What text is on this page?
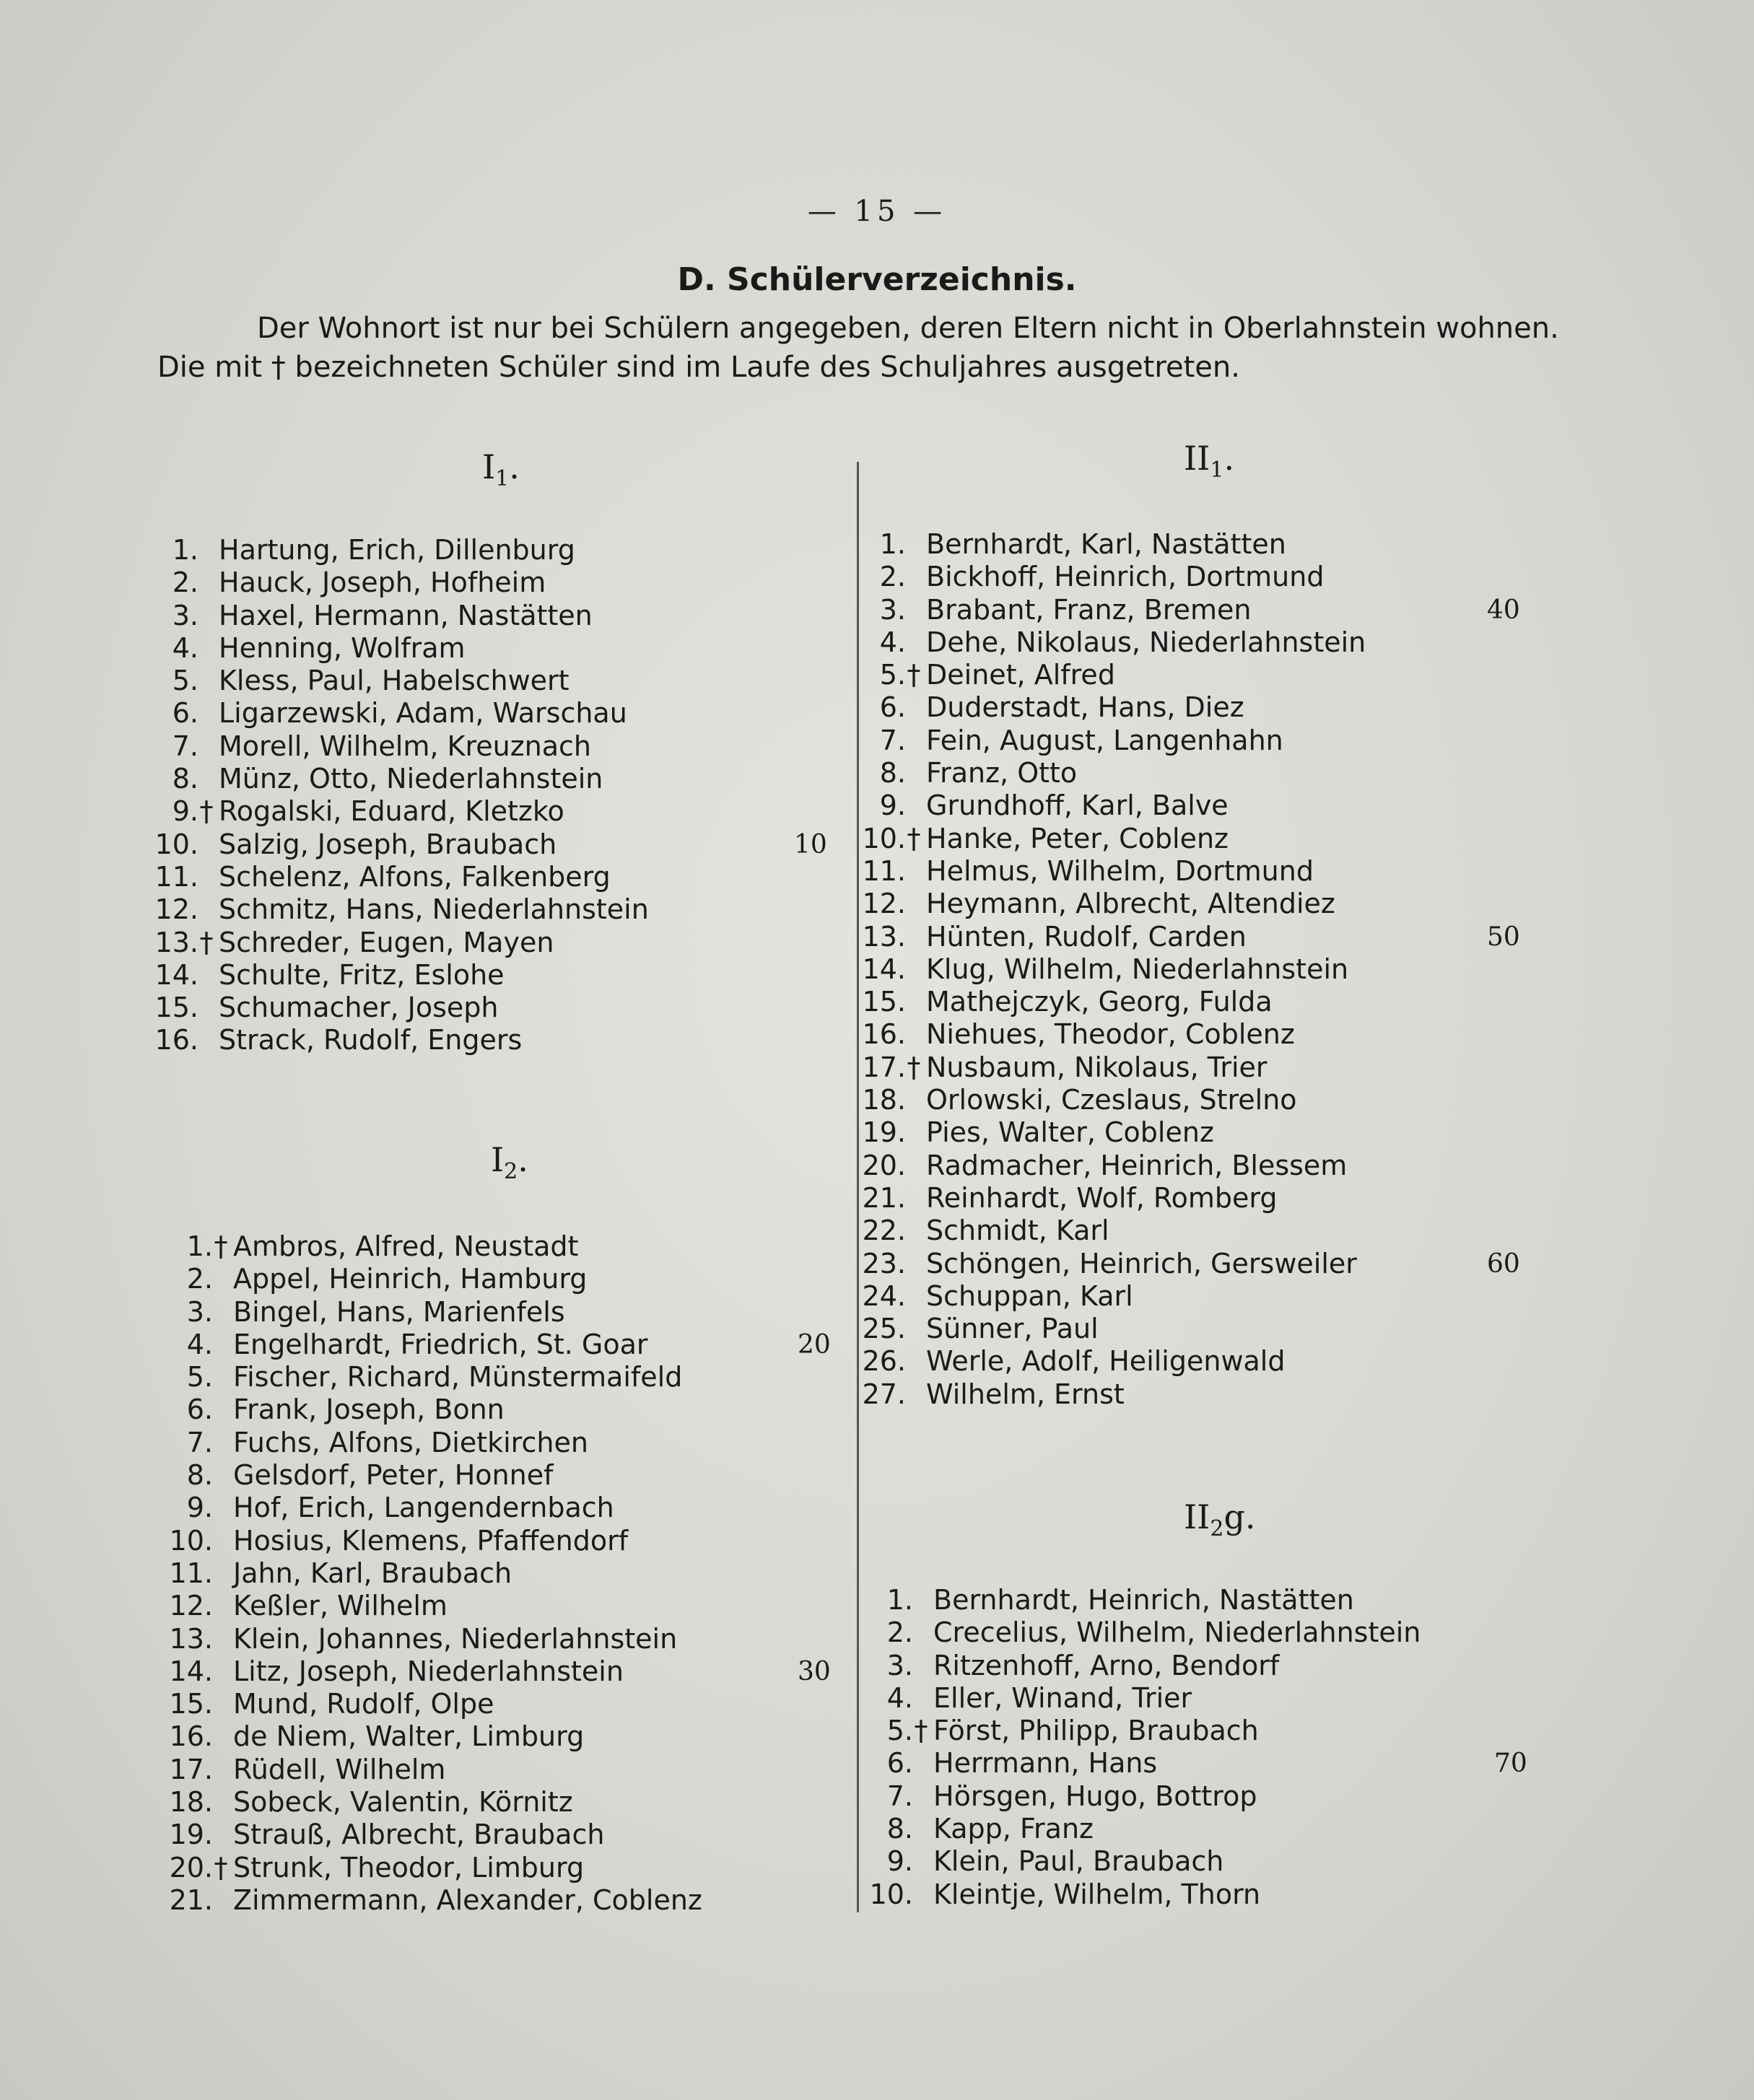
— 15 —
D. Schülerverzeichnis.
Der Wohnort ist nur bei Schülern angegeben, deren Eltern nicht in Oberlahnstein wohnen.
Die mit † bezeichneten Schüler sind im Laufe des Schuljahres ausgetreten.
$I_1$.
1. Hartung, Erich, Dillenburg
2. Hauck, Joseph, Hofheim
3. Haxel, Hermann, Nastätten
4. Henning, Wolfram
5. Kless, Paul, Habelschwert
6. Ligarzewski, Adam, Warschau
7. Morell, Wilhelm, Kreuznach
8. Münz, Otto, Niederlahnstein
9.† Rogalski, Eduard, Kletzko
10. Salzig, Joseph, Braubach	10
11. Schelenz, Alfons, Falkenberg
12. Schmitz, Hans, Niederlahnstein
13.† Schreder, Eugen, Mayen
14. Schulte, Fritz, Eslohe
15. Schumacher, Joseph
16. Strack, Rudolf, Engers
$I_2$.
1.† Ambros, Alfred, Neustadt
2. Appel, Heinrich, Hamburg
3. Bingel, Hans, Marienfels
4. Engelhardt, Friedrich, St. Goar	20
5. Fischer, Richard, Münstermaifeld
6. Frank, Joseph, Bonn
7. Fuchs, Alfons, Dietkirchen
8. Gelsdorf, Peter, Honnef
9. Hof, Erich, Langendernbach
10. Hosius, Klemens, Pfaffendorf
11. Jahn, Karl, Braubach
12. Keßler, Wilhelm
13. Klein, Johannes, Niederlahnstein
14. Litz, Joseph, Niederlahnstein	30
15. Mund, Rudolf, Olpe
16. de Niem, Walter, Limburg
17. Rüdell, Wilhelm
18. Sobeck, Valentin, Körnitz
19. Strauß, Albrecht, Braubach
20.† Strunk, Theodor, Limburg
21. Zimmermann, Alexander, Coblenz
$II_1$.
1. Bernhardt, Karl, Nastätten
2. Bickhoff, Heinrich, Dortmund
3. Brabant, Franz, Bremen	40
4. Dehe, Nikolaus, Niederlahnstein
5.† Deinet, Alfred
6. Duderstadt, Hans, Diez
7. Fein, August, Langenhahn
8. Franz, Otto
9. Grundhoff, Karl, Balve
10.† Hanke, Peter, Coblenz
11. Helmus, Wilhelm, Dortmund
12. Heymann, Albrecht, Altendiez
13. Hünten, Rudolf, Carden	50
14. Klug, Wilhelm, Niederlahnstein
15. Mathejczyk, Georg, Fulda
16. Niehues, Theodor, Coblenz
17.† Nusbaum, Nikolaus, Trier
18. Orlowski, Czeslaus, Strelno
19. Pies, Walter, Coblenz
20. Radmacher, Heinrich, Blessem
21. Reinhardt, Wolf, Romberg
22. Schmidt, Karl
23. Schöngen, Heinrich, Gersweiler	60
24. Schuppan, Karl
25. Sünner, Paul
26. Werle, Adolf, Heiligenwald
27. Wilhelm, Ernst
$II_2g$.
1. Bernhardt, Heinrich, Nastätten
2. Crecelius, Wilhelm, Niederlahnstein
3. Ritzenhoff, Arno, Bendorf
4. Eller, Winand, Trier
5.† Först, Philipp, Braubach
6. Herrmann, Hans	70
7. Hörsgen, Hugo, Bottrop
8. Kapp, Franz
9. Klein, Paul, Braubach
10. Kleintje, Wilhelm, Thorn
